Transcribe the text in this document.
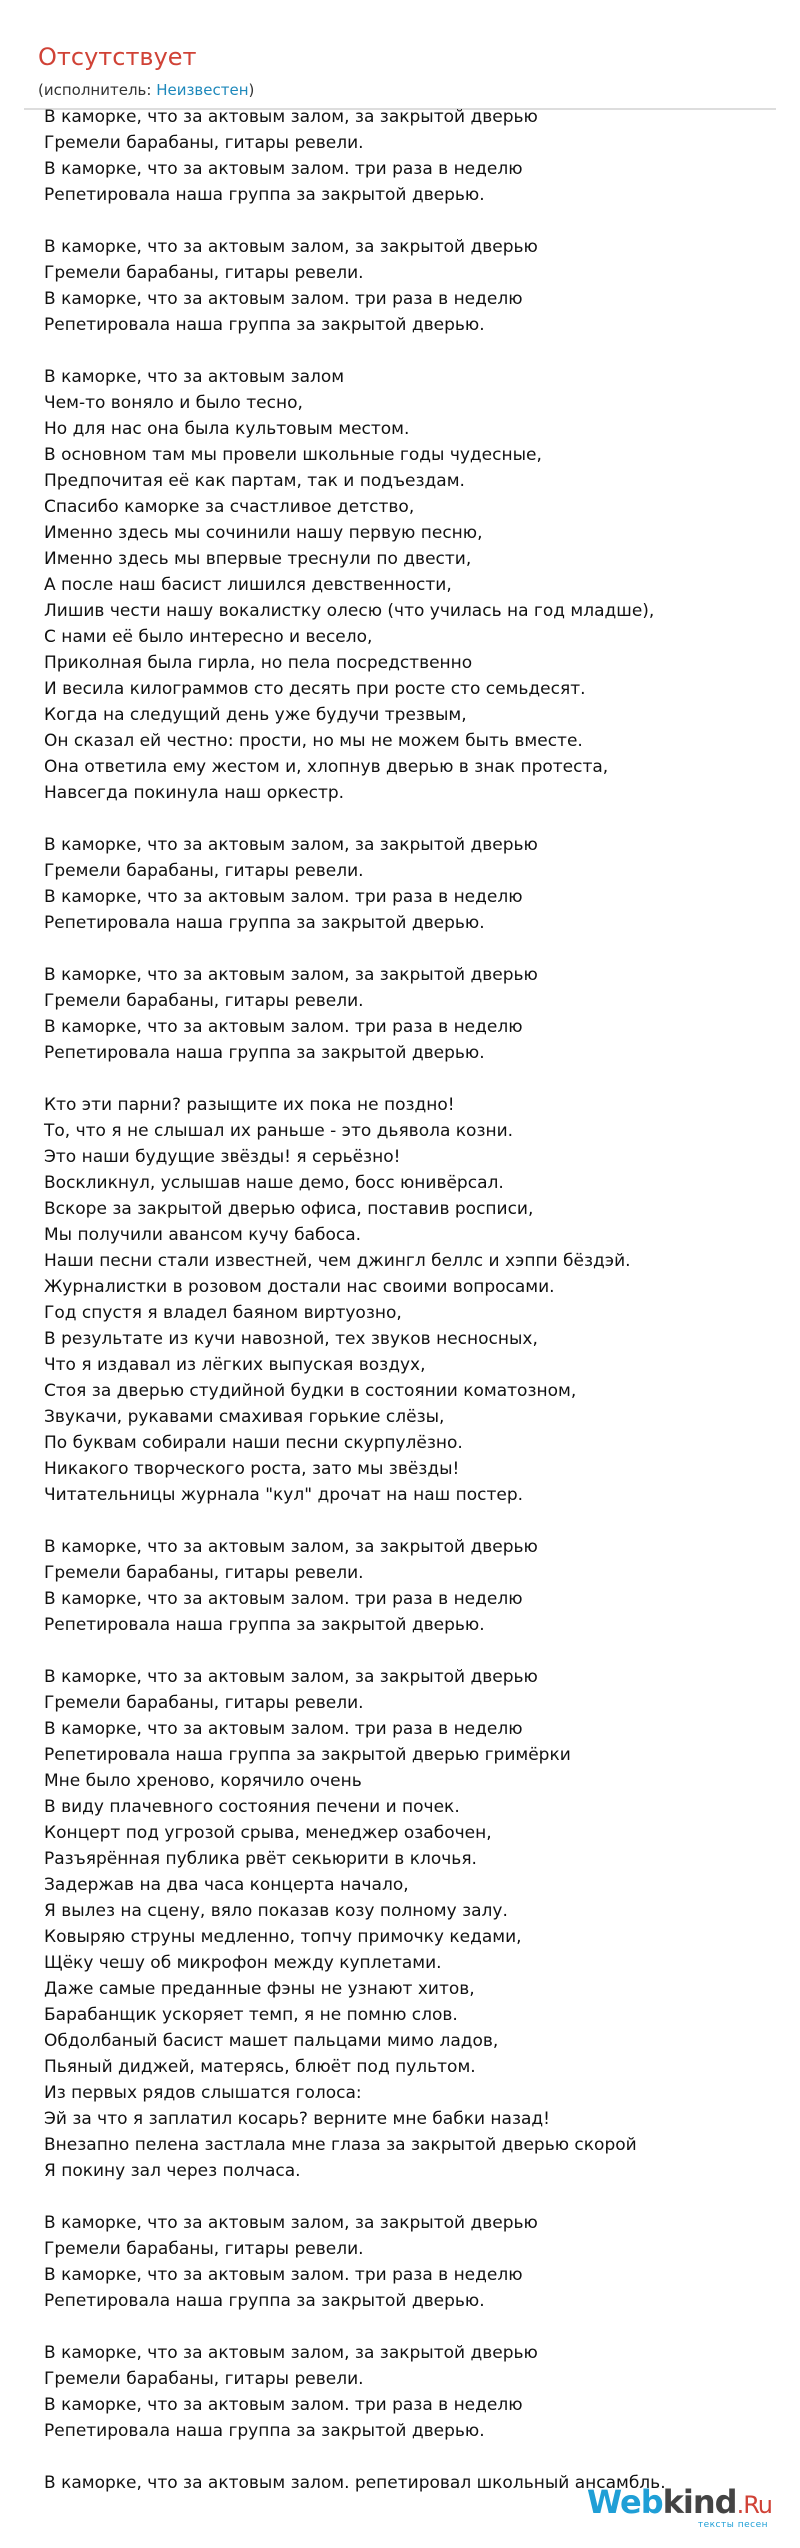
Отсутствует
(исполнитель: Неизвестен)
В каморке, что за актовым залом, за закрытой дверью
Гремели барабаны, гитары ревели.
В каморке, что за актовым залом. три раза в неделю
Репетировала наша группа за закрытой дверью.
В каморке, что за актовым залом, за закрытой дверью
Гремели барабаны, гитары ревели.
В каморке, что за актовым залом. три раза в неделю
Репетировала наша группа за закрытой дверью.
В каморке, что за актовым залом
Чем-то воняло и было тесно,
Но для нас она была культовым местом.
В основном там мы провели школьные годы чудесные,
Предпочитая её как партам, так и подъездам.
Спасибо каморке за счастливое детство,
Именно здесь мы сочинили нашу первую песню,
Именно здесь мы впервые треснули по двести,
А после наш басист лишился девственности,
Лишив чести нашу вокалистку олесю (что училась на год младше),
С нами её было интересно и весело,
Приколная была гирла, но пела посредственно
И весила килограммов сто десять при росте сто семьдесят.
Когда на следущий день уже будучи трезвым,
Он сказал ей честно: прости, но мы не можем быть вместе.
Она ответила ему жестом и, хлопнув дверью в знак протеста,
Навсегда покинула наш оркестр.
В каморке, что за актовым залом, за закрытой дверью
Гремели барабаны, гитары ревели.
В каморке, что за актовым залом. три раза в неделю
Репетировала наша группа за закрытой дверью.
В каморке, что за актовым залом, за закрытой дверью
Гремели барабаны, гитары ревели.
В каморке, что за актовым залом. три раза в неделю
Репетировала наша группа за закрытой дверью.
Кто эти парни? разыщите их пока не поздно!
То, что я не слышал их раньше - это дьявола козни.
Это наши будущие звёзды! я серьёзно!
Воскликнул, услышав наше демо, босс юнивёрсал.
Вскоре за закрытой дверью офиса, поставив росписи,
Мы получили авансом кучу бабоса.
Наши песни стали известней, чем джингл беллс и хэппи бёздэй.
Журналистки в розовом достали нас своими вопросами.
Год спустя я владел баяном виртуозно,
В результате из кучи навозной, тех звуков несносных,
Что я издавал из лёгких выпуская воздух,
Стоя за дверью студийной будки в состоянии коматозном,
Звукачи, рукавами смахивая горькие слёзы,
По буквам собирали наши песни скурпулёзно.
Никакого творческого роста, зато мы звёзды!
Читательницы журнала "кул" дрочат на наш постер.
В каморке, что за актовым залом, за закрытой дверью
Гремели барабаны, гитары ревели.
В каморке, что за актовым залом. три раза в неделю
Репетировала наша группа за закрытой дверью.
В каморке, что за актовым залом, за закрытой дверью
Гремели барабаны, гитары ревели.
В каморке, что за актовым залом. три раза в неделю
Репетировала наша группа за закрытой дверью гримёрки
Мне было хреново, корячило очень
В виду плачевного состояния печени и почек.
Концерт под угрозой срыва, менеджер озабочен,
Разъярённая публика рвёт секьюрити в клочья.
Задержав на два часа концерта начало,
Я вылез на сцену, вяло показав козу полному залу.
Ковыряю струны медленно, топчу примочку кедами,
Щёку чешу об микрофон между куплетами.
Даже самые преданные фэны не узнают хитов,
Барабанщик ускоряет темп, я не помню слов.
Обдолбаный басист машет пальцами мимо ладов,
Пьяный диджей, матерясь, блюёт под пультом.
Из первых рядов слышатся голоса:
Эй за что я заплатил косарь? верните мне бабки назад!
Внезапно пелена застлала мне глаза за закрытой дверью скорой
Я покину зал через полчаса.
В каморке, что за актовым залом, за закрытой дверью
Гремели барабаны, гитары ревели.
В каморке, что за актовым залом. три раза в неделю
Репетировала наша группа за закрытой дверью.
В каморке, что за актовым залом, за закрытой дверью
Гремели барабаны, гитары ревели.
В каморке, что за актовым залом. три раза в неделю
Репетировала наша группа за закрытой дверью.
В каморке, что за актовым залом. репетировал школьный ансамбль.
Webkind.Ru
тексты песен
